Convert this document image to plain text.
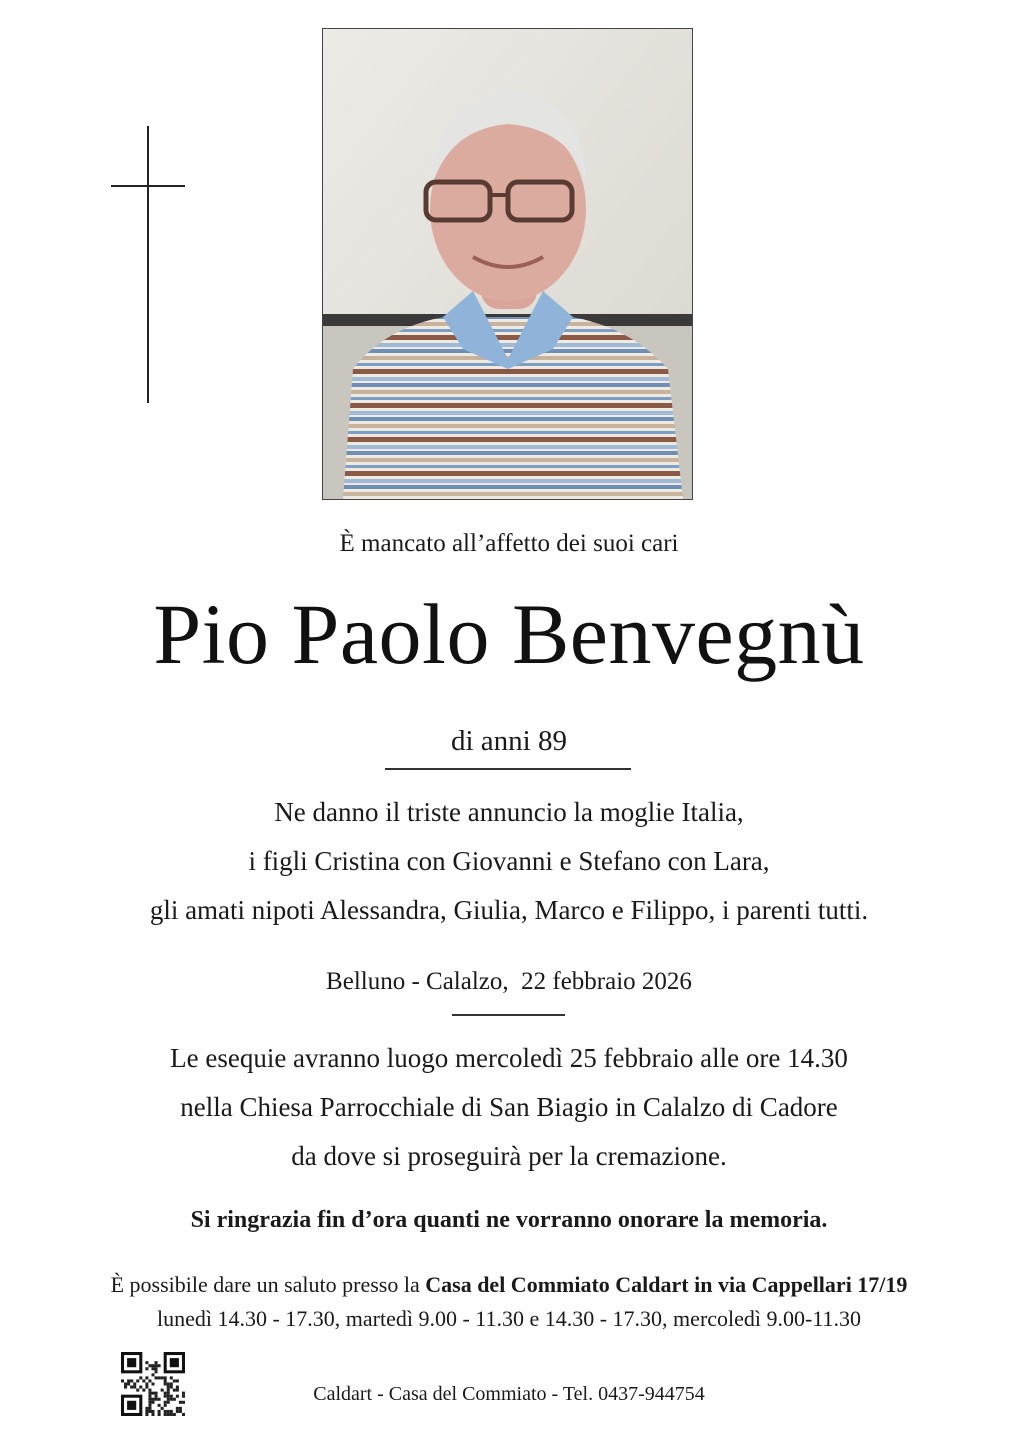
È mancato all’affetto dei suoi cari
Pio Paolo Benvegnù
di anni 89
Ne danno il triste annuncio la moglie Italia,
i figli Cristina con Giovanni e Stefano con Lara,
gli amati nipoti Alessandra, Giulia, Marco e Filippo, i parenti tutti.
Belluno - Calalzo,  22 febbraio 2026
Le esequie avranno luogo mercoledì 25 febbraio alle ore 14.30
nella Chiesa Parrocchiale di San Biagio in Calalzo di Cadore
da dove si proseguirà per la cremazione.
Si ringrazia fin d’ora quanti ne vorranno onorare la memoria.
È possibile dare un saluto presso la Casa del Commiato Caldart in via Cappellari 17/19
lunedì 14.30 - 17.30, martedì 9.00 - 11.30 e 14.30 - 17.30, mercoledì 9.00-11.30
Caldart - Casa del Commiato - Tel. 0437-944754
